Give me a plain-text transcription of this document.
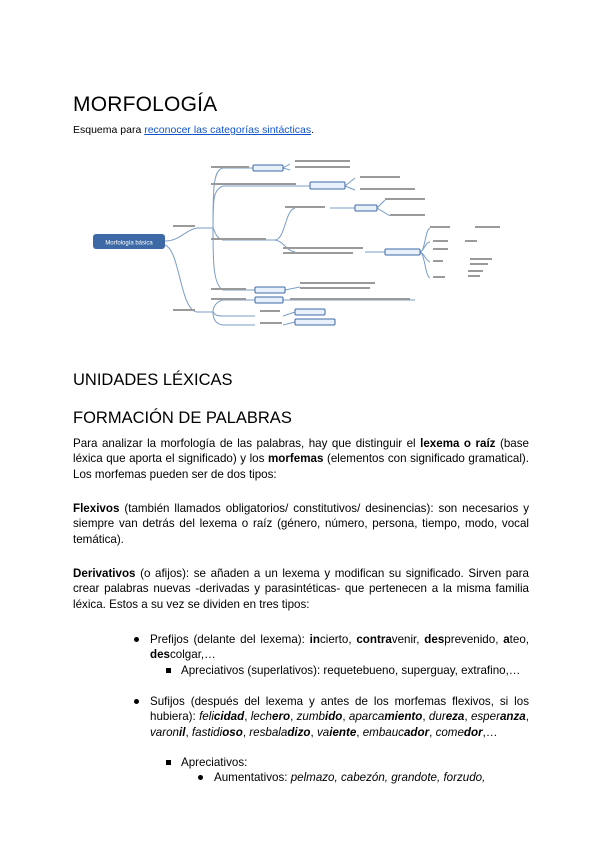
MORFOLOGÍA
Esquema para reconocer las categorías sintácticas.
Morfología básica
UNIDADES LÉXICAS
FORMACIÓN DE PALABRAS
Para analizar la morfología de las palabras, hay que distinguir el lexema o raíz (base léxica que aporta el significado) y los morfemas (elementos con significado gramatical). Los morfemas pueden ser de dos tipos:
Flexivos (también llamados obligatorios/ constitutivos/ desinencias): son necesarios y siempre van detrás del lexema o raíz (género, número, persona, tiempo, modo, vocal temática).
Derivativos (o afijos): se añaden a un lexema y modifican su significado. Sirven para crear palabras nuevas -derivadas y parasintéticas- que pertenecen a la misma familia léxica. Estos a su vez se dividen en tres tipos:
Prefijos (delante del lexema): incierto, contravenir, desprevenido, ateo, descolgar,…
Apreciativos (superlativos): requetebueno, superguay, extrafino,…
Sufijos (después del lexema y antes de los morfemas flexivos, si los hubiera): felicidad, lechero, zumbido, aparcamiento, dureza, esperanza, varonil, fastidioso, resbaladizo, vaiente, embaucador, comedor,…
Apreciativos:
Aumentativos: pelmazo, cabezón, grandote, forzudo,
